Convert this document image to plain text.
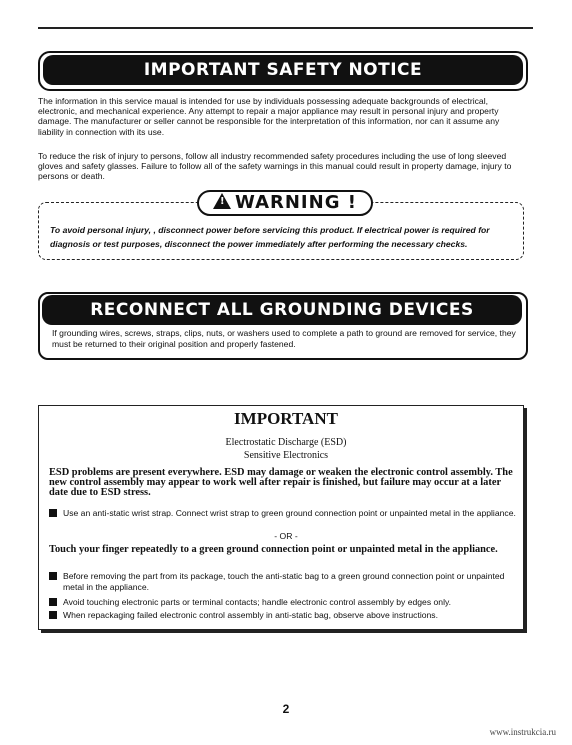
IMPORTANT SAFETY NOTICE

The information in this service maual is intended for use by individuals possessing adequate backgrounds of electrical, electronic, and mechanical experience. Any attempt to repair a major appliance may result in personal injury and property damage. The manufacturer or seller cannot be responsible for the interpretation of this information, nor can it assume any liability in connection with its use.

To reduce the risk of injury to persons, follow all industry recommended safety procedures including the use of long sleeved gloves and safety glasses. Failure to follow all of the safety warnings in this manual could result in property damage, injury to persons or death.

! WARNING !

To avoid personal injury, , disconnect power before servicing this product. If electrical power is required for diagnosis or test purposes, disconnect the power immediately after performing the necessary checks.

RECONNECT ALL GROUNDING DEVICES

If grounding wires, screws, straps, clips, nuts, or washers used to complete a path to ground are removed for service, they must be returned to their original position and properly fastened.

IMPORTANT
Electrostatic Discharge (ESD)
Sensitive Electronics

ESD problems are present everywhere. ESD may damage or weaken the electronic control assembly. The new control assembly may appear to work well after repair is finished, but failure may occur at a later date due to ESD stress.

Use an anti-static wrist strap. Connect wrist strap to green ground connection point or unpainted metal in the appliance.

- OR -

Touch your finger repeatedly to a green ground connection point or unpainted metal in the appliance.

Before removing the part from its package, touch the anti-static bag to a green ground connection point or unpainted metal in the appliance.

Avoid touching electronic parts or terminal contacts; handle electronic control assembly by edges only.

When repackaging failed electronic control assembly in anti-static bag, observe above instructions.

2
www.instrukcia.ru
